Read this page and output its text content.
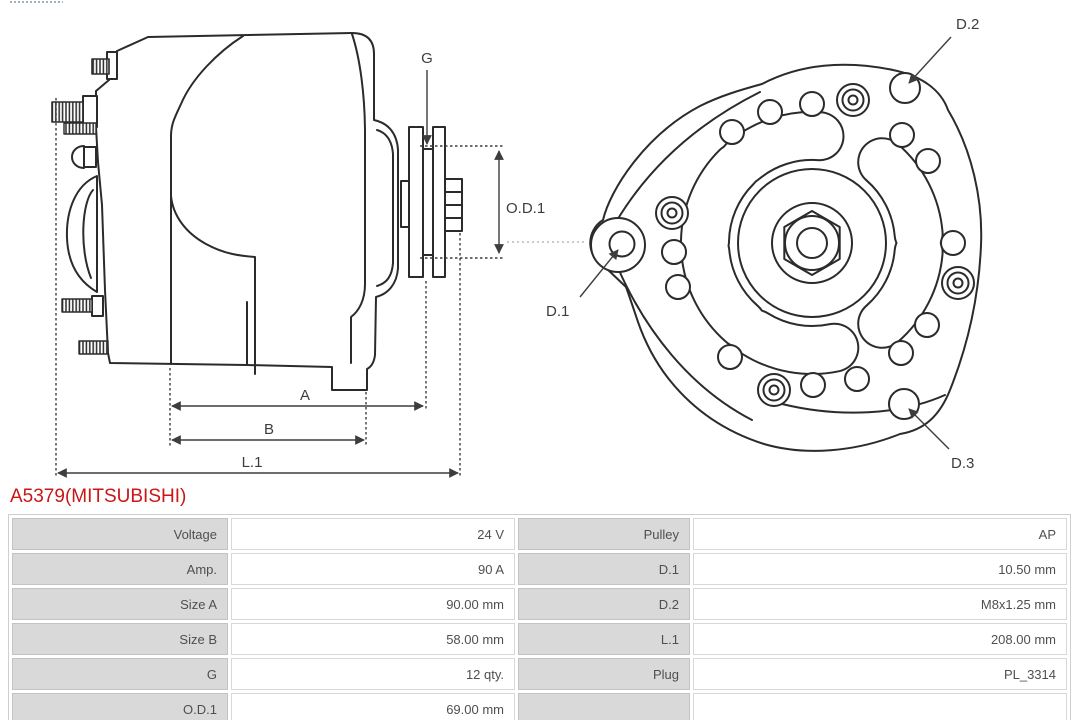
G
O.D.1
A
B
L.1
D.2
D.1
D.3
A5379(MITSUBISHI)
Voltage	24 V	Pulley	AP
Amp.	90 A	D.1	10.50 mm
Size A	90.00 mm	D.2	M8x1.25 mm
Size B	58.00 mm	L.1	208.00 mm
G	12 qty.	Plug	PL_3314
O.D.1	69.00 mm		
